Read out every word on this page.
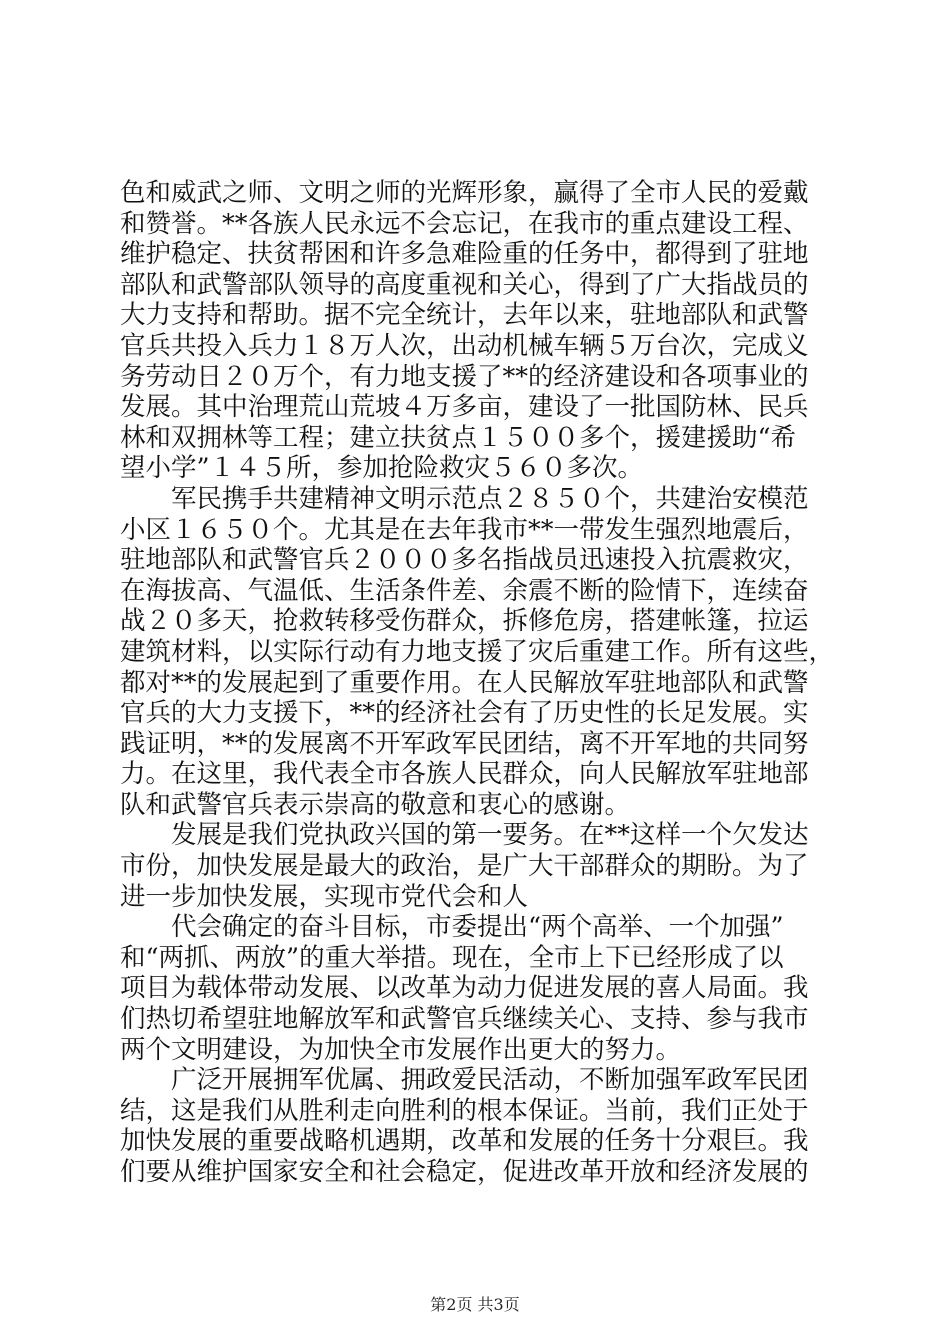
色和威武之师、文明之师的光辉形象，赢得了全市人民的爱戴
和赞誉。**各族人民永远不会忘记，在我市的重点建设工程、
维护稳定、扶贫帮困和许多急难险重的任务中，都得到了驻地
部队和武警部队领导的高度重视和关心，得到了广大指战员的
大力支持和帮助。据不完全统计，去年以来，驻地部队和武警
官兵共投入兵力１８万人次，出动机械车辆５万台次，完成义
务劳动日２０万个，有力地支援了**的经济建设和各项事业的
发展。其中治理荒山荒坡４万多亩，建设了一批国防林、民兵
林和双拥林等工程；建立扶贫点１５００多个，援建援助“希
望小学”１４５所，参加抢险救灾５６０多次。
　　军民携手共建精神文明示范点２８５０个，共建治安模范
小区１６５０个。尤其是在去年我市**一带发生强烈地震后，
驻地部队和武警官兵２０００多名指战员迅速投入抗震救灾，
在海拔高、气温低、生活条件差、余震不断的险情下，连续奋
战２０多天，抢救转移受伤群众，拆修危房，搭建帐篷，拉运
建筑材料，以实际行动有力地支援了灾后重建工作。所有这些，
都对**的发展起到了重要作用。在人民解放军驻地部队和武警
官兵的大力支援下，**的经济社会有了历史性的长足发展。实
践证明，**的发展离不开军政军民团结，离不开军地的共同努
力。在这里，我代表全市各族人民群众，向人民解放军驻地部
队和武警官兵表示崇高的敬意和衷心的感谢。
　　发展是我们党执政兴国的第一要务。在**这样一个欠发达
市份，加快发展是最大的政治，是广大干部群众的期盼。为了
进一步加快发展，实现市党代会和人
　　代会确定的奋斗目标，市委提出“两个高举、一个加强”
和“两抓、两放”的重大举措。现在，全市上下已经形成了以
项目为载体带动发展、以改革为动力促进发展的喜人局面。我
们热切希望驻地解放军和武警官兵继续关心、支持、参与我市
两个文明建设，为加快全市发展作出更大的努力。
　　广泛开展拥军优属、拥政爱民活动，不断加强军政军民团
结，这是我们从胜利走向胜利的根本保证。当前，我们正处于
加快发展的重要战略机遇期，改革和发展的任务十分艰巨。我
们要从维护国家安全和社会稳定，促进改革开放和经济发展的
第2页 共3页
